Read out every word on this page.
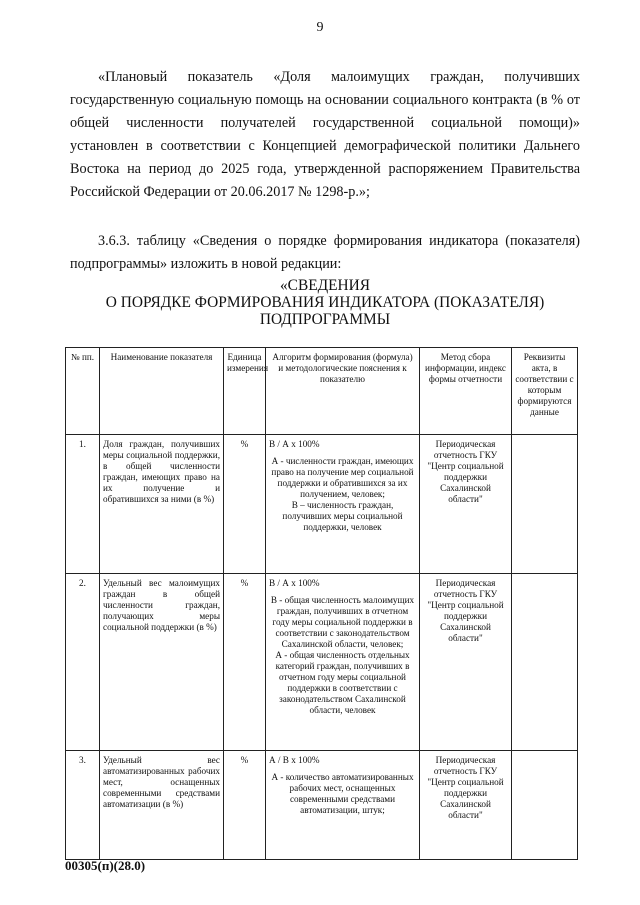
9
«Плановый показатель «Доля малоимущих граждан, получивших государственную социальную помощь на основании социального контракта (в % от общей численности получателей государственной социальной помощи)» установлен в соответствии с Концепцией демографической политики Дальнего Востока на период до 2025 года, утвержденной распоряжением Правительства Российской Федерации от 20.06.2017 № 1298-р.»;
3.6.3. таблицу «Сведения о порядке формирования индикатора (показателя) подпрограммы» изложить в новой редакции:
«СВЕДЕНИЯ
О ПОРЯДКЕ ФОРМИРОВАНИЯ ИНДИКАТОРА (ПОКАЗАТЕЛЯ)
ПОДПРОГРАММЫ
№ пп.	Наименование показателя	Единица измерения	Алгоритм формирования (формула) и методологические пояснения к показателю	Метод сбора информации, индекс формы отчетности	Реквизиты акта, в соответствии с которым формируются данные
1.	Доля граждан, получивших меры социальной поддержки, в общей численности граждан, имеющих право на их получение и обратившихся за ними (в %)	%	В / А х 100%
А - численности граждан, имеющих право на получение мер социальной поддержки и обратившихся за их получением, человек;
В – численность граждан, получивших меры социальной поддержки, человек	Периодическая отчетность ГКУ "Центр социальной поддержки Сахалинской области"	
2.	Удельный вес малоимущих граждан в общей численности граждан, получающих меры социальной поддержки (в %)	%	В / А х 100%
В - общая численность малоимущих граждан, получивших в отчетном году меры социальной поддержки в соответствии с законодательством Сахалинской области, человек;
А - общая численность отдельных категорий граждан, получивших в отчетном году меры социальной поддержки в соответствии с законодательством Сахалинской области, человек	Периодическая отчетность ГКУ "Центр социальной поддержки Сахалинской области"	
3.	Удельный вес автоматизированных рабочих мест, оснащенных современными средствами автоматизации (в %)	%	А / В х 100%
А - количество автоматизированных рабочих мест, оснащенных современными средствами автоматизации, штук;	Периодическая отчетность ГКУ "Центр социальной поддержки Сахалинской области"	
00305(п)(28.0)
